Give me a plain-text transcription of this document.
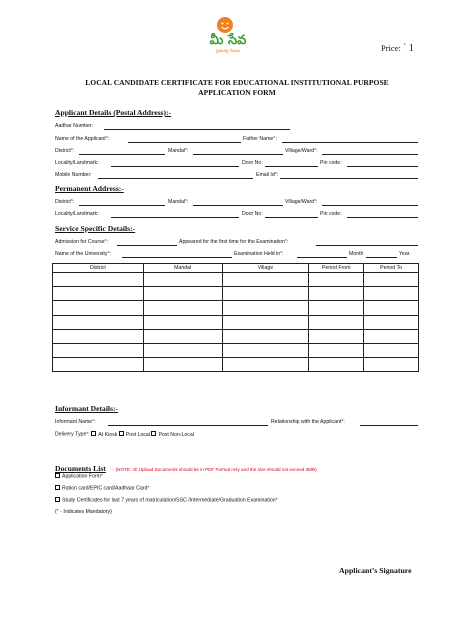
మీ సేవ
ప్రభుత్వ సేవలు	Price: ` 1
LOCAL CANDIDATE CERTIFICATE FOR EDUCATIONAL INSTITUTIONAL PURPOSE
APPLICATION FORM
Applicant Details (Postal Address):-
Aadhar Number:
Name of the Applicant*:	Father Name*:
District*:	Mandal*:	Village/Ward*:
Locality/Landmark:	Door No:	Pin code:
Mobile Number:	Email Id*:
Permanent Address:-
District*:	Mandal*:	Village/Ward*:
Locality/Landmark:	Door No:	Pin code:
Service Specific Details:-
Admission for Course*:	Appeared for the first time for the Examination*:
Name of the University*:	Examination Held in*:	Month	Year.
District	Mandal	Village	Period From	Period To

Informant Details:-
Informant Name*:	Relationship with the Applicant*:
Delivery Type*: At Kiosk Post Local Post Non-Local
Documents List : - (NOTE: All Upload Documents should be in PDF Format only and the size should not exceed 3MB)
Application Form*
Ration card/EPIC card/Aadhaar Card*
Study Certificates for last 7 years of matriculation/SSC /Intermediate/Graduation Examination*
(* - Indicates Mandatory)
Applicant’s Signature
